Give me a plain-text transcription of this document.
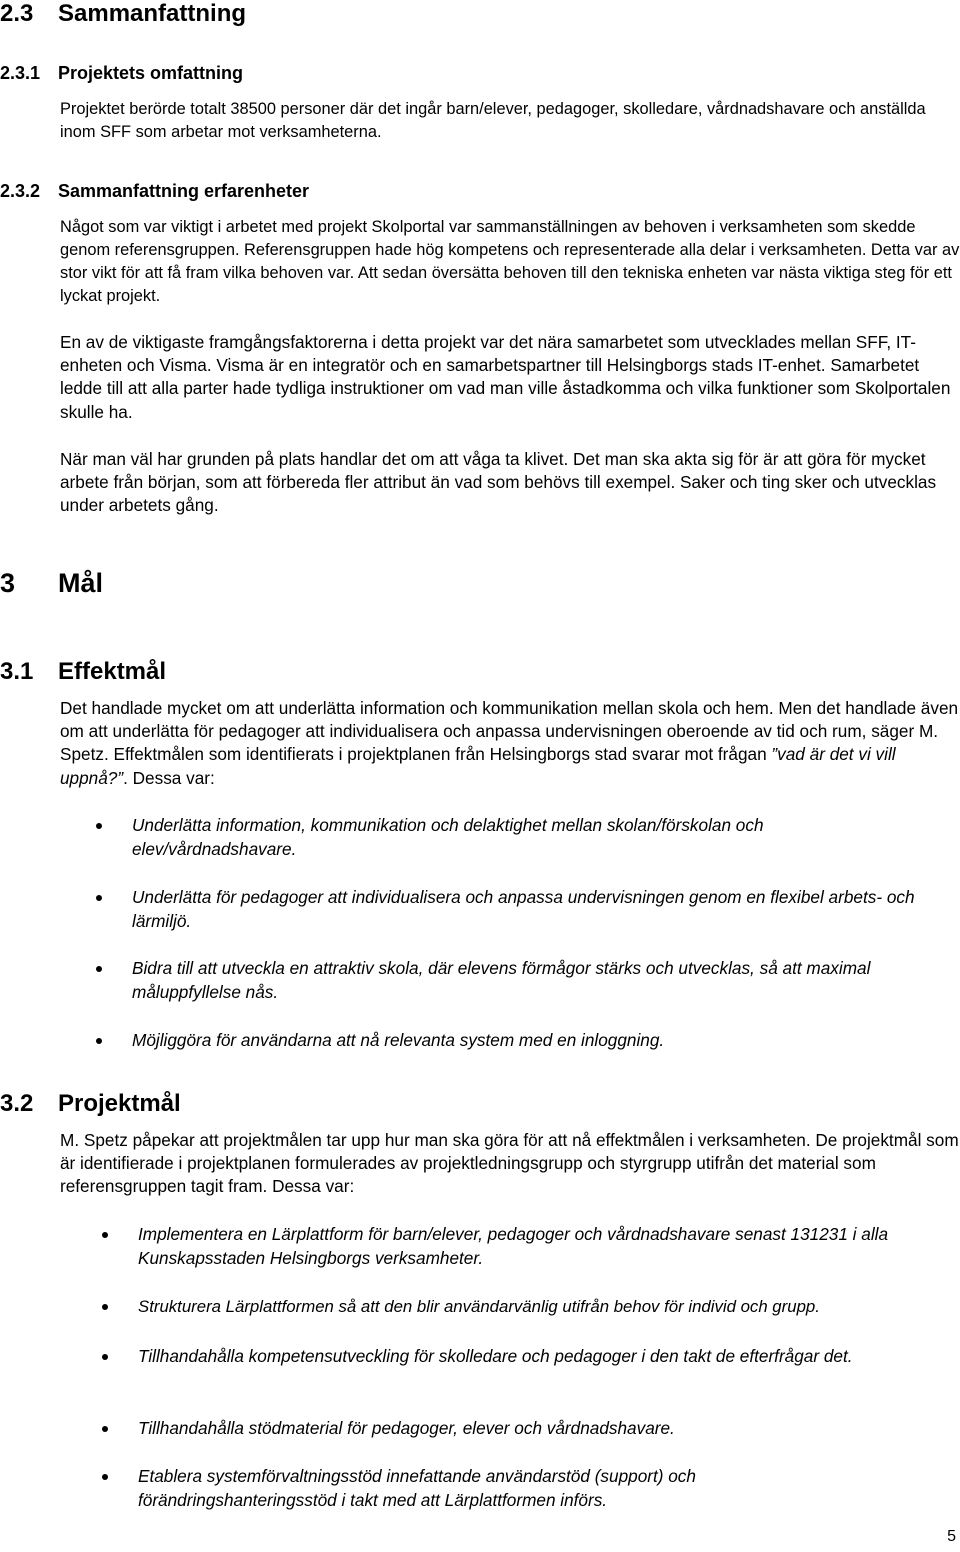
2.3 Sammanfattning
2.3.1 Projektets omfattning

Projektet berörde totalt 38500 personer där det ingår barn/elever, pedagoger, skolledare, vårdnadshavare och anställda inom SFF som arbetar mot verksamheterna.

2.3.2 Sammanfattning erfarenheter

Något som var viktigt i arbetet med projekt Skolportal var sammanställningen av behoven i verksamheten som skedde genom referensgruppen. Referensgruppen hade hög kompetens och representerade alla delar i verksamheten. Detta var av stor vikt för att få fram vilka behoven var. Att sedan översätta behoven till den tekniska enheten var nästa viktiga steg för ett lyckat projekt.

En av de viktigaste framgångsfaktorerna i detta projekt var det nära samarbetet som utvecklades mellan SFF, IT-enheten och Visma. Visma är en integratör och en samarbetspartner till Helsingborgs stads IT-enhet. Samarbetet ledde till att alla parter hade tydliga instruktioner om vad man ville åstadkomma och vilka funktioner som Skolportalen skulle ha.

När man väl har grunden på plats handlar det om att våga ta klivet. Det man ska akta sig för är att göra för mycket arbete från början, som att förbereda fler attribut än vad som behövs till exempel. Saker och ting sker och utvecklas under arbetets gång.

3 Mål
3.1 Effektmål

Det handlade mycket om att underlätta information och kommunikation mellan skola och hem. Men det handlade även om att underlätta för pedagoger att individualisera och anpassa undervisningen oberoende av tid och rum, säger M. Spetz. Effektmålen som identifierats i projektplanen från Helsingborgs stad svarar mot frågan ”vad är det vi vill uppnå?”. Dessa var:

Underlätta information, kommunikation och delaktighet mellan skolan/förskolan och elev/vårdnadshavare.

Underlätta för pedagoger att individualisera och anpassa undervisningen genom en flexibel arbets- och lärmiljö.

Bidra till att utveckla en attraktiv skola, där elevens förmågor stärks och utvecklas, så att maximal måluppfyllelse nås.

Möjliggöra för användarna att nå relevanta system med en inloggning.

3.2 Projektmål

M. Spetz påpekar att projektmålen tar upp hur man ska göra för att nå effektmålen i verksamheten. De projektmål som är identifierade i projektplanen formulerades av projektledningsgrupp och styrgrupp utifrån det material som referensgruppen tagit fram. Dessa var:

Implementera en Lärplattform för barn/elever, pedagoger och vårdnadshavare senast 131231 i alla Kunskapsstaden Helsingborgs verksamheter.

Strukturera Lärplattformen så att den blir användarvänlig utifrån behov för individ och grupp.

Tillhandahålla kompetensutveckling för skolledare och pedagoger i den takt de efterfrågar det.

Tillhandahålla stödmaterial för pedagoger, elever och vårdnadshavare.

Etablera systemförvaltningsstöd innefattande användarstöd (support) och förändringshanteringsstöd i takt med att Lärplattformen införs.

5
